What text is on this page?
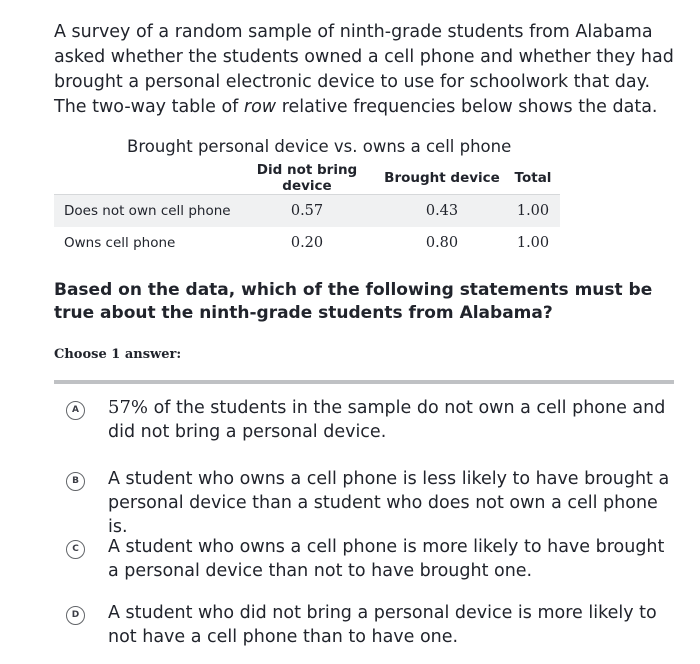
A survey of a random sample of ninth-grade students from Alabama asked whether the students owned a cell phone and whether they had brought a personal electronic device to use for schoolwork that day. The two-way table of row relative frequencies below shows the data.
Brought personal device vs. owns a cell phone
	Did not bring device	Brought device	Total
Does not own cell phone	0.57	0.43	1.00
Owns cell phone	0.20	0.80	1.00
Based on the data, which of the following statements must be true about the ninth-grade students from Alabama?
Choose 1 answer:
A	57% of the students in the sample do not own a cell phone and did not bring a personal device.
B	A student who owns a cell phone is less likely to have brought a personal device than a student who does not own a cell phone is.
C	A student who owns a cell phone is more likely to have brought a personal device than not to have brought one.
D	A student who did not bring a personal device is more likely to not have a cell phone than to have one.
